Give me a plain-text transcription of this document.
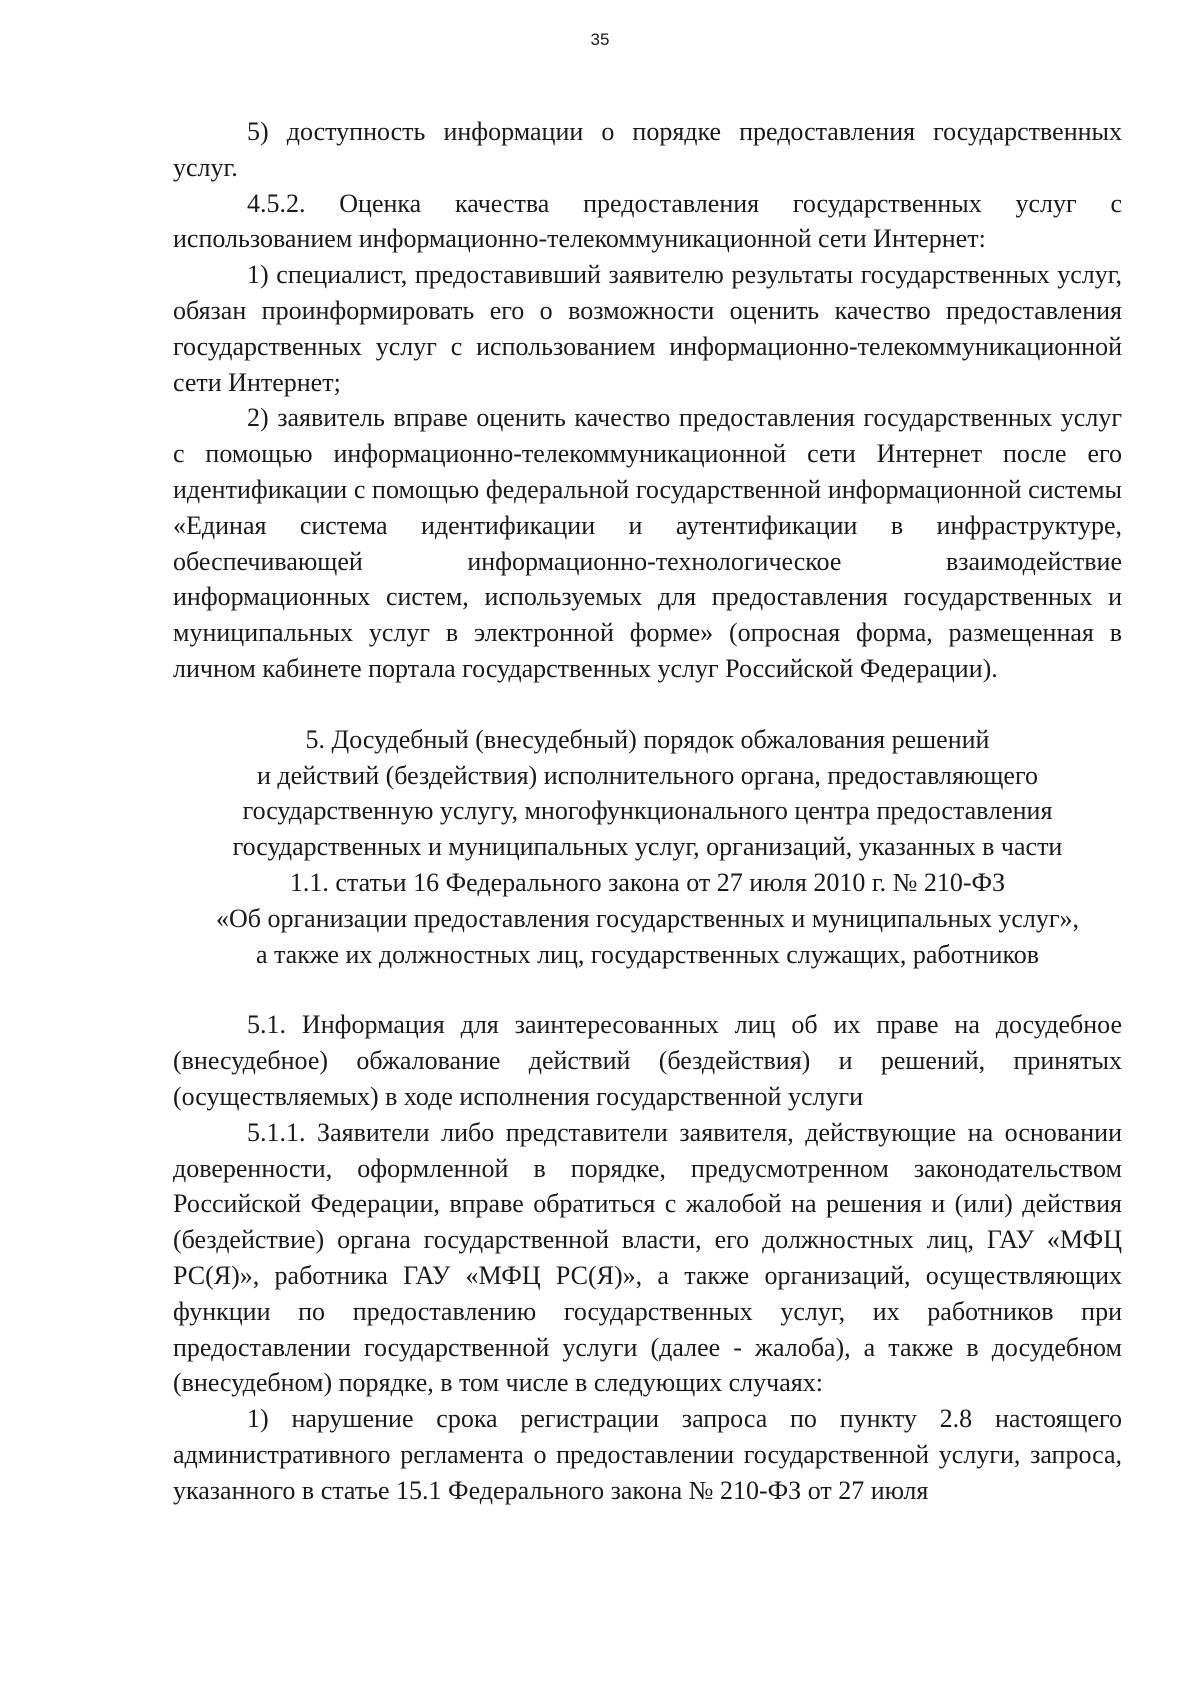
35

5) доступность информации о порядке предоставления государственных услуг.

4.5.2. Оценка качества предоставления государственных услуг с использованием информационно-телекоммуникационной сети Интернет:

1) специалист, предоставивший заявителю результаты государственных услуг, обязан проинформировать его о возможности оценить качество предоставления государственных услуг с использованием информационно-телекоммуникационной сети Интернет;

2) заявитель вправе оценить качество предоставления государственных услуг с помощью информационно-телекоммуникационной сети Интернет после его идентификации с помощью федеральной государственной информационной системы «Единая система идентификации и аутентификации в инфраструктуре, обеспечивающей информационно-технологическое взаимодействие информационных систем, используемых для предоставления государственных и муниципальных услуг в электронной форме» (опросная форма, размещенная в личном кабинете портала государственных услуг Российской Федерации).

5. Досудебный (внесудебный) порядок обжалования решений
и действий (бездействия) исполнительного органа, предоставляющего
государственную услугу, многофункционального центра предоставления
государственных и муниципальных услуг, организаций, указанных в части
1.1. статьи 16 Федерального закона от 27 июля 2010 г. № 210-ФЗ
«Об организации предоставления государственных и муниципальных услуг»,
а также их должностных лиц, государственных служащих, работников

5.1. Информация для заинтересованных лиц об их праве на досудебное (внесудебное) обжалование действий (бездействия) и решений, принятых (осуществляемых) в ходе исполнения государственной услуги

5.1.1. Заявители либо представители заявителя, действующие на основании доверенности, оформленной в порядке, предусмотренном законодательством Российской Федерации, вправе обратиться с жалобой на решения и (или) действия (бездействие) органа государственной власти, его должностных лиц, ГАУ «МФЦ РС(Я)», работника ГАУ «МФЦ РС(Я)», а также организаций, осуществляющих функции по предоставлению государственных услуг, их работников при предоставлении государственной услуги (далее - жалоба), а также в досудебном (внесудебном) порядке, в том числе в следующих случаях:

1) нарушение срока регистрации запроса по пункту 2.8 настоящего административного регламента о предоставлении государственной услуги, запроса, указанного в статье 15.1 Федерального закона № 210-ФЗ от 27 июля
